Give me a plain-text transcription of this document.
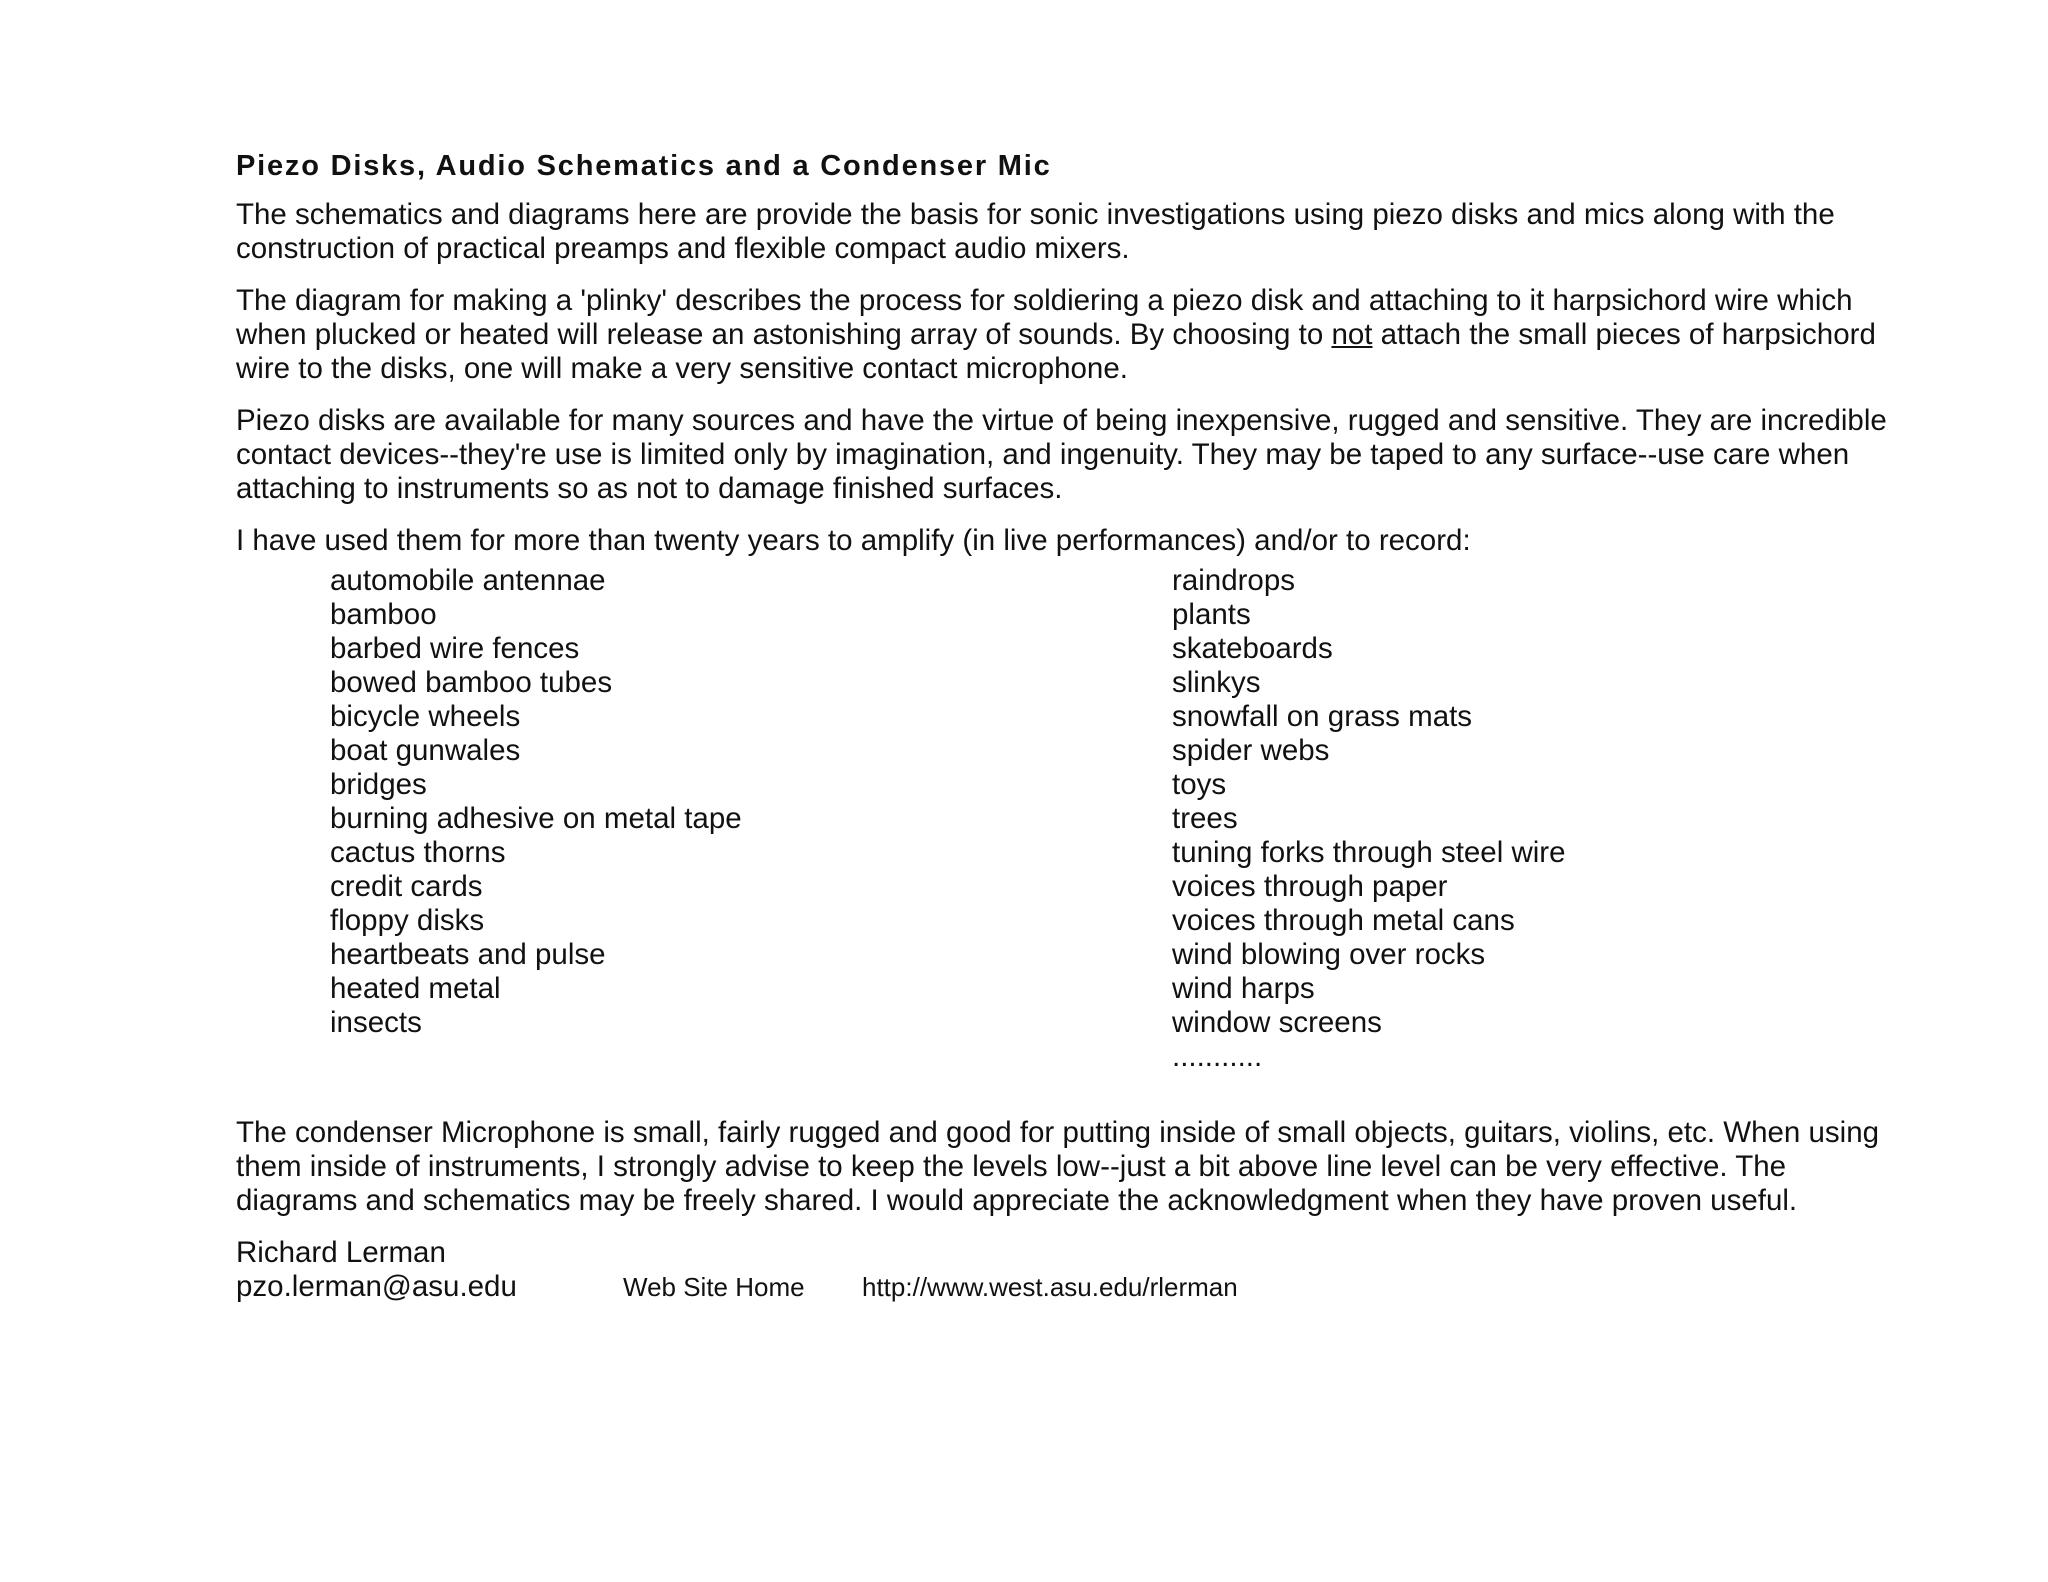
Piezo Disks, Audio Schematics and a Condenser Mic

The schematics and diagrams here are provide the basis for sonic investigations using piezo disks and mics along with the construction of practical preamps and flexible compact audio mixers.

The diagram for making a 'plinky' describes the process for soldiering a piezo disk and attaching to it harpsichord wire which when plucked or heated will release an astonishing array of sounds. By choosing to not attach the small pieces of harpsichord wire to the disks, one will make a very sensitive contact microphone.

Piezo disks are available for many sources and have the virtue of being inexpensive, rugged and sensitive. They are incredible contact devices--they're use is limited only by imagination, and ingenuity. They may be taped to any surface--use care when attaching to instruments so as not to damage finished surfaces.

I have used them for more than twenty years to amplify (in live performances) and/or to record:

automobile antennae
bamboo
barbed wire fences
bowed bamboo tubes
bicycle wheels
boat gunwales
bridges
burning adhesive on metal tape
cactus thorns
credit cards
floppy disks
heartbeats and pulse
heated metal
insects
raindrops
plants
skateboards
slinkys
snowfall on grass mats
spider webs
toys
trees
tuning forks through steel wire
voices through paper
voices through metal cans
wind blowing over rocks
wind harps
window screens
...........

The condenser Microphone is small, fairly rugged and good for putting inside of small objects, guitars, violins, etc. When using them inside of instruments, I strongly advise to keep the levels low--just a bit above line level can be very effective. The diagrams and schematics may be freely shared. I would appreciate the acknowledgment when they have proven useful.

Richard Lerman
pzo.lerman@asu.edu	Web Site Home	http://www.west.asu.edu/rlerman
